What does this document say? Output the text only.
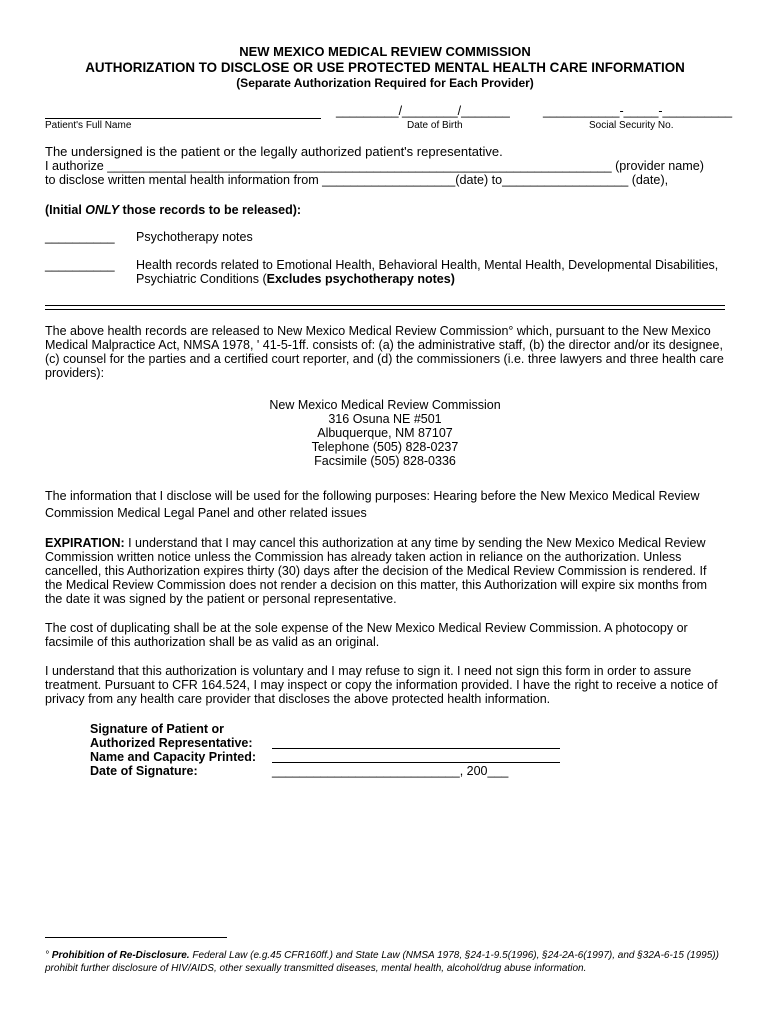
NEW MEXICO MEDICAL REVIEW COMMISSION
AUTHORIZATION TO DISCLOSE OR USE PROTECTED MENTAL HEALTH CARE INFORMATION
(Separate Authorization Required for Each Provider)
Patient's Full Name
_________/________/_______
Date of Birth
___________-_____-__________
Social Security No.
The undersigned is the patient or the legally authorized patient's representative.
I authorize ________________________________________________________________________ (provider name)
to disclose written mental health information from ___________________(date) to__________________ (date),
(Initial ONLY those records to be released):
__________ Psychotherapy notes
__________ Health records related to Emotional Health, Behavioral Health, Mental Health, Developmental Disabilities,
Psychiatric Conditions (Excludes psychotherapy notes)
The above health records are released to New Mexico Medical Review Commission° which, pursuant to the New Mexico Medical Malpractice Act, NMSA 1978, ' 41-5-1ff. consists of: (a) the administrative staff, (b) the director and/or its designee, (c) counsel for the parties and a certified court reporter, and (d) the commissioners (i.e. three lawyers and three health care providers):
New Mexico Medical Review Commission
316 Osuna NE #501
Albuquerque, NM 87107
Telephone (505) 828-0237
Facsimile (505) 828-0336
The information that I disclose will be used for the following purposes: Hearing before the New Mexico Medical Review Commission Medical Legal Panel and other related issues
EXPIRATION: I understand that I may cancel this authorization at any time by sending the New Mexico Medical Review Commission written notice unless the Commission has already taken action in reliance on the authorization. Unless cancelled, this Authorization expires thirty (30) days after the decision of the Medical Review Commission is rendered. If the Medical Review Commission does not render a decision on this matter, this Authorization will expire six months from the date it was signed by the patient or personal representative.
The cost of duplicating shall be at the sole expense of the New Mexico Medical Review Commission. A photocopy or facsimile of this authorization shall be as valid as an original.
I understand that this authorization is voluntary and I may refuse to sign it. I need not sign this form in order to assure treatment. Pursuant to CFR 164.524, I may inspect or copy the information provided. I have the right to receive a notice of privacy from any health care provider that discloses the above protected health information.
Signature of Patient or
Authorized Representative:
Name and Capacity Printed:
Date of Signature:	___________________________, 200___
° Prohibition of Re-Disclosure. Federal Law (e.g.45 CFR160ff.) and State Law (NMSA 1978, §24-1-9.5(1996), §24-2A-6(1997), and §32A-6-15 (1995)) prohibit further disclosure of HIV/AIDS, other sexually transmitted diseases, mental health, alcohol/drug abuse information.
